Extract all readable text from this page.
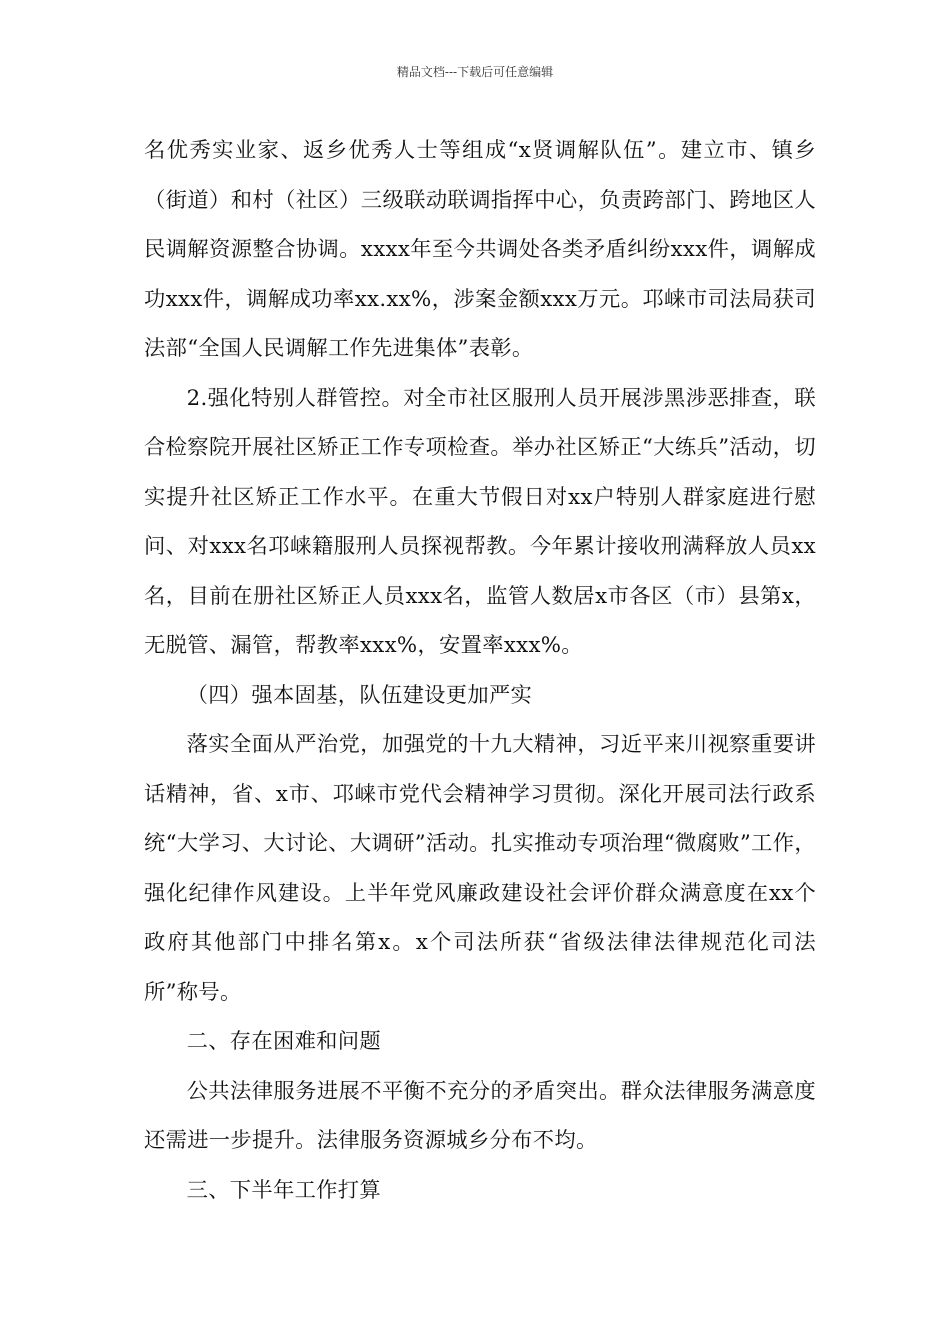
精品文档---下载后可任意编辑

名优秀实业家、返乡优秀人士等组成“x贤调解队伍”。建立市、镇乡（街道）和村（社区）三级联动联调指挥中心，负责跨部门、跨地区人民调解资源整合协调。xxxx年至今共调处各类矛盾纠纷xxx件，调解成功xxx件，调解成功率xx.xx%，涉案金额xxx万元。邛崃市司法局获司法部“全国人民调解工作先进集体”表彰。

2.强化特别人群管控。对全市社区服刑人员开展涉黑涉恶排查，联合检察院开展社区矫正工作专项检查。举办社区矫正“大练兵”活动，切实提升社区矫正工作水平。在重大节假日对xx户特别人群家庭进行慰问、对xxx名邛崃籍服刑人员探视帮教。今年累计接收刑满释放人员xx名，目前在册社区矫正人员xxx名，监管人数居x市各区（市）县第x，无脱管、漏管，帮教率xxx%，安置率xxx%。

（四）强本固基，队伍建设更加严实

落实全面从严治党，加强党的十九大精神，习近平来川视察重要讲话精神，省、x市、邛崃市党代会精神学习贯彻。深化开展司法行政系统“大学习、大讨论、大调研”活动。扎实推动专项治理“微腐败”工作，强化纪律作风建设。上半年党风廉政建设社会评价群众满意度在xx个政府其他部门中排名第x。x个司法所获“省级法律法律规范化司法所”称号。

二、存在困难和问题

公共法律服务进展不平衡不充分的矛盾突出。群众法律服务满意度还需进一步提升。法律服务资源城乡分布不均。

三、下半年工作打算
